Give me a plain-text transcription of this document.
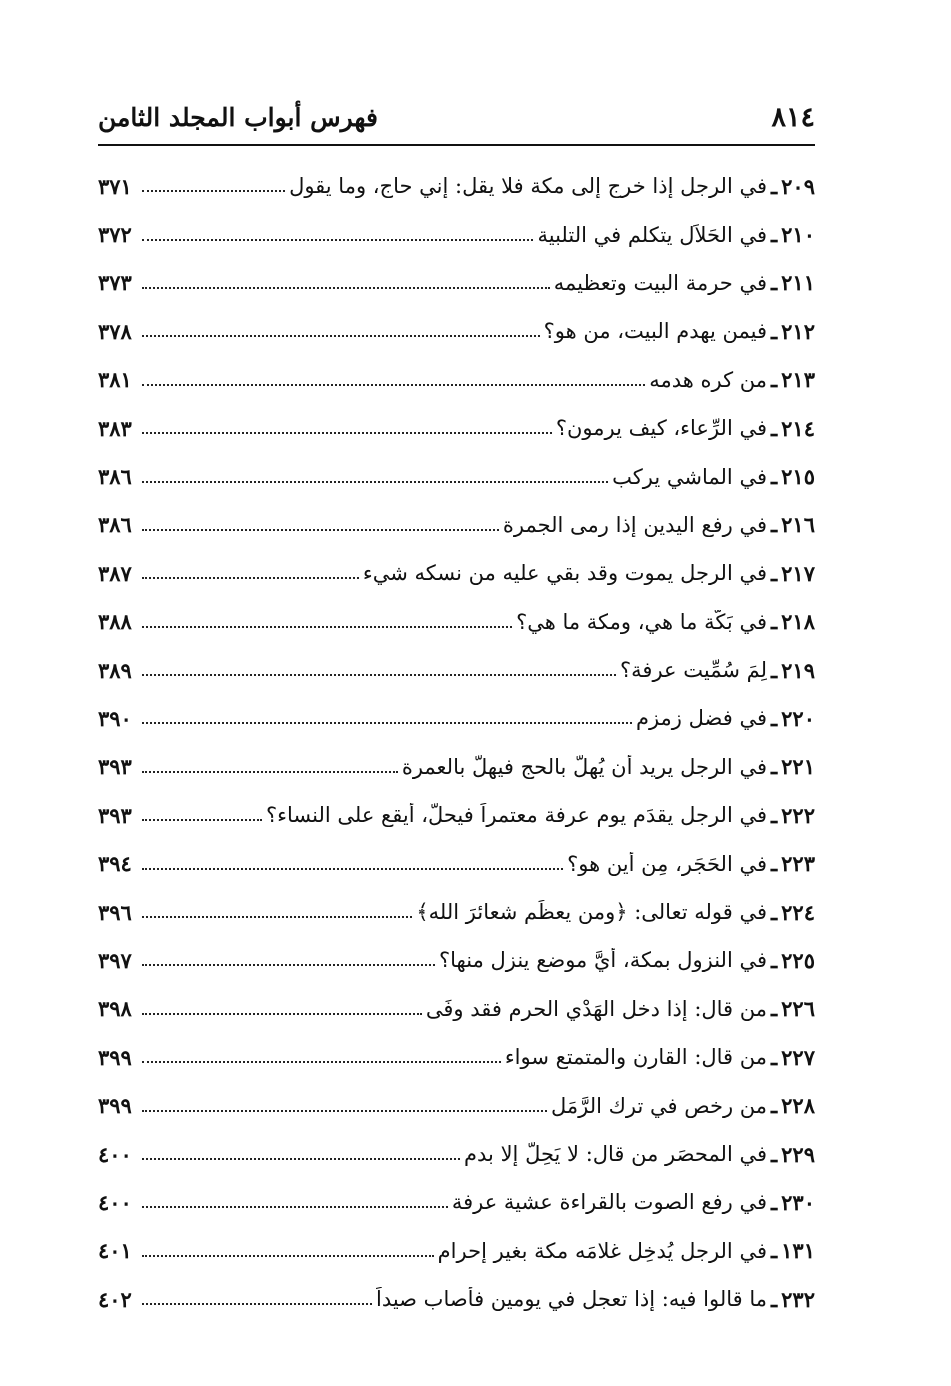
٨١٤
فهرس أبواب المجلد الثامن
٢٠٩
ـ
في الرجل إذا خرج إلى مكة فلا يقل: إني حاج، وما يقول
٣٧١
٢١٠
ـ
في الحَلاَل يتكلم في التلبية
٣٧٢
٢١١
ـ
في حرمة البيت وتعظيمه
٣٧٣
٢١٢
ـ
فيمن يهدم البيت، من هو؟
٣٧٨
٢١٣
ـ
من كره هدمه
٣٨١
٢١٤
ـ
في الرِّعاء، كيف يرمون؟
٣٨٣
٢١٥
ـ
في الماشي يركب
٣٨٦
٢١٦
ـ
في رفع اليدين إذا رمى الجمرة
٣٨٦
٢١٧
ـ
في الرجل يموت وقد بقي عليه من نسكه شيء
٣٨٧
٢١٨
ـ
في بَكَّة ما هي، ومكة ما هي؟
٣٨٨
٢١٩
ـ
لِمَ سُمِّيت عرفة؟
٣٨٩
٢٢٠
ـ
في فضل زمزم
٣٩٠
٢٢١
ـ
في الرجل يريد أن يُهلَّ بالحج فيهلُّ بالعمرة
٣٩٣
٢٢٢
ـ
في الرجل يقدَم يوم عرفة معتمراً فيحلُّ، أيقع على النساء؟
٣٩٣
٢٢٣
ـ
في الحَجَر، مِن أين هو؟
٣٩٤
٢٢٤
ـ
في قوله تعالى: ﴿ومن يعظِّم شعائرَ الله﴾
٣٩٦
٢٢٥
ـ
في النزول بمكة، أيَّ موضع ينزل منها؟
٣٩٧
٢٢٦
ـ
من قال: إذا دخل الهَدْي الحرم فقد وفَى
٣٩٨
٢٢٧
ـ
من قال: القارن والمتمتع سواء
٣٩٩
٢٢٨
ـ
من رخص في ترك الرَّمَل
٣٩٩
٢٢٩
ـ
في المحصَر من قال: لا يَحِلُّ إلا بدم
٤٠٠
٢٣٠
ـ
في رفع الصوت بالقراءة عشية عرفة
٤٠٠
١٣١
ـ
في الرجل يُدخِل غلامَه مكة بغير إحرام
٤٠١
٢٣٢
ـ
ما قالوا فيه: إذا تعجل في يومين فأصاب صيداً
٤٠٢
